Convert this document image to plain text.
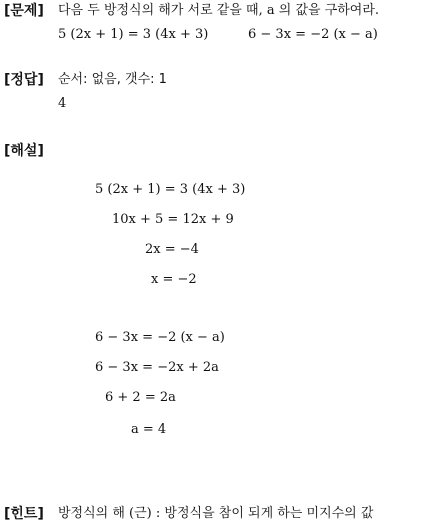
[문제] 다음 두 방정식의 해가 서로 같을 때, a 의 값을 구하여라.
5 (2x + 1) = 3 (4x + 3)	6 − 3x = −2 (x − a)
[정답] 순서: 없음, 갯수: 1
4
[해설]
5 (2x + 1) = 3 (4x + 3)
10x + 5 = 12x + 9
2x = −4
x = −2
6 − 3x = −2 (x − a)
6 − 3x = −2x + 2a
6 + 2 = 2a
a = 4
[힌트] 방정식의 해 (근) : 방정식을 참이 되게 하는 미지수의 값
